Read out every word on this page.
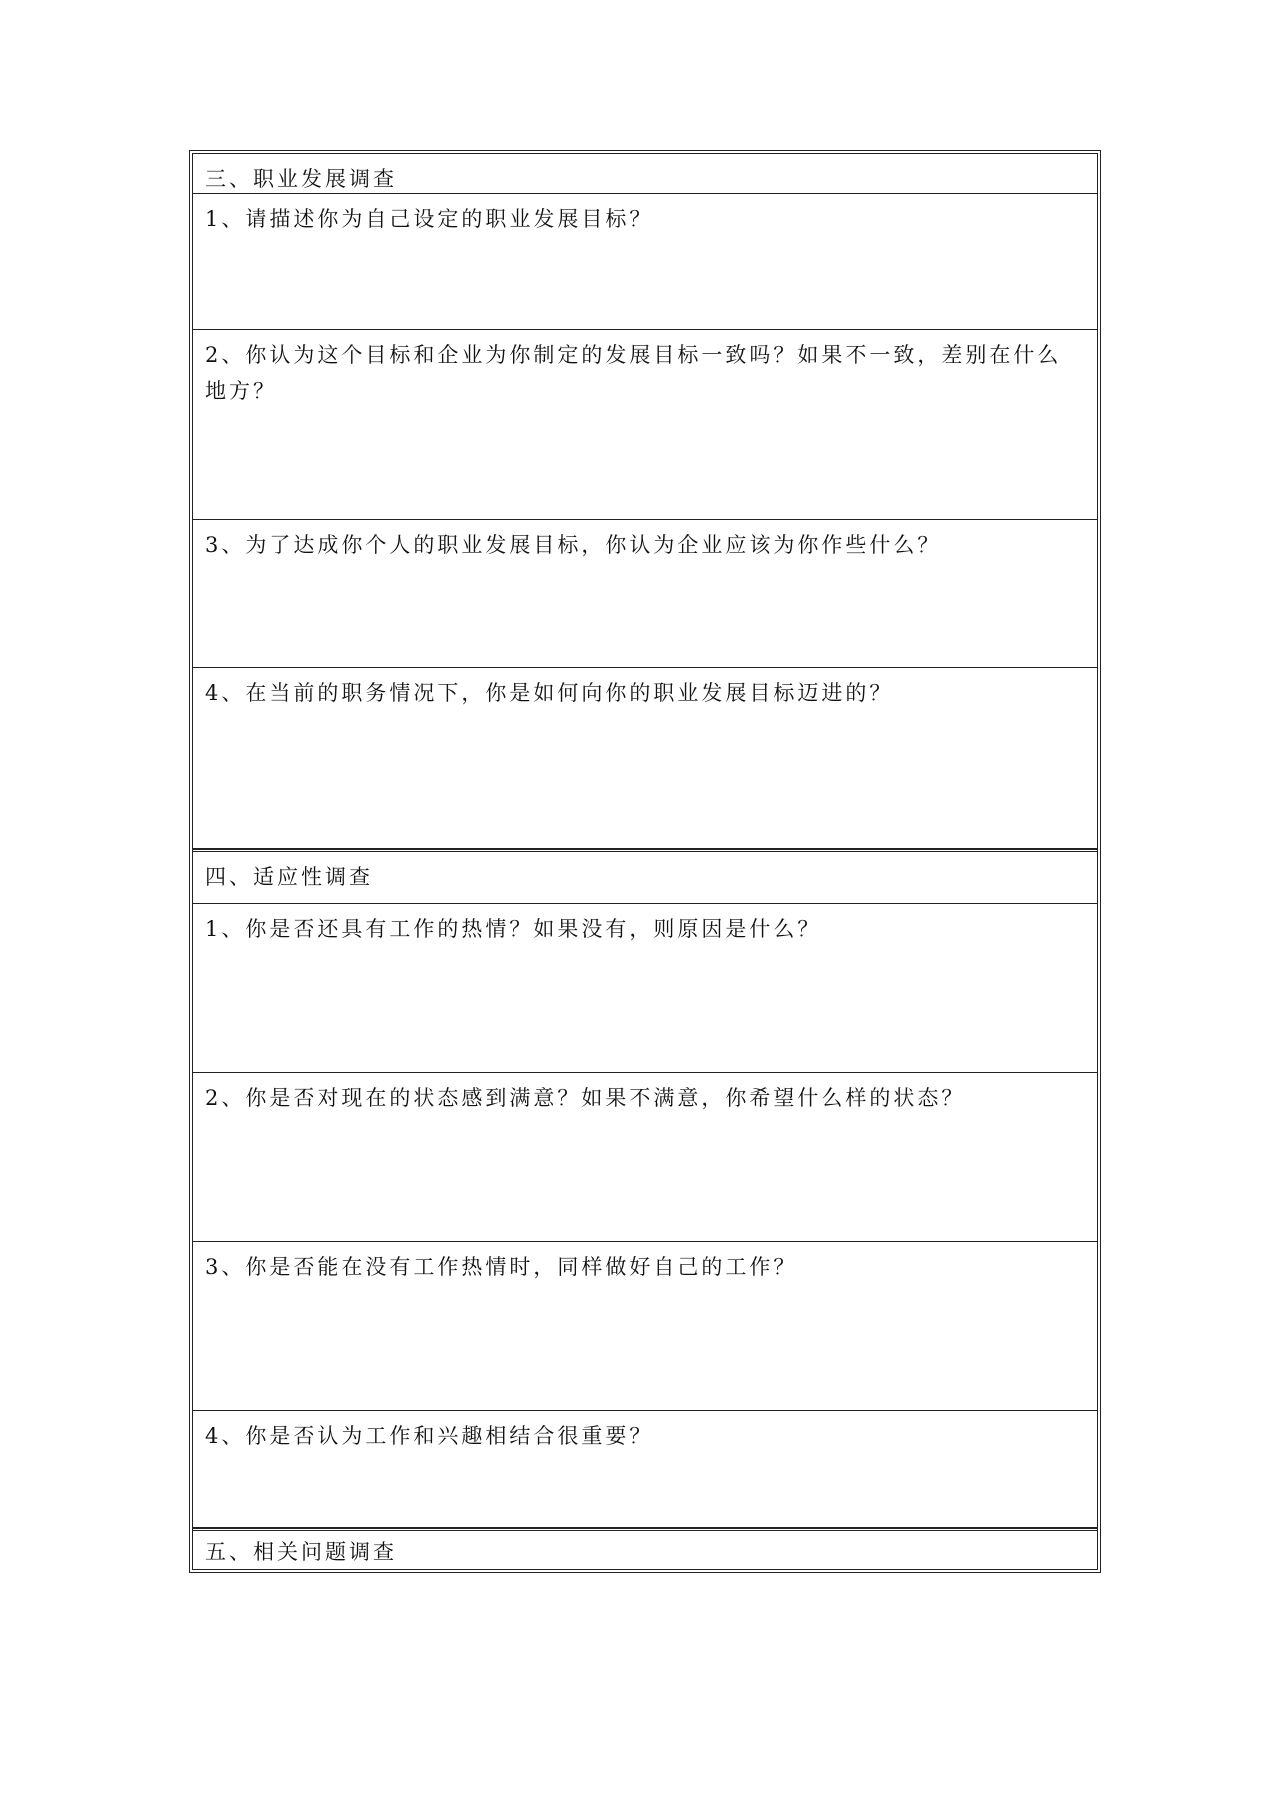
三、职业发展调查
1、请描述你为自己设定的职业发展目标？
2、你认为这个目标和企业为你制定的发展目标一致吗？如果不一致，差别在什么地方？
3、为了达成你个人的职业发展目标，你认为企业应该为你作些什么？
4、在当前的职务情况下，你是如何向你的职业发展目标迈进的？
四、适应性调查
1、你是否还具有工作的热情？如果没有，则原因是什么？
2、你是否对现在的状态感到满意？如果不满意，你希望什么样的状态？
3、你是否能在没有工作热情时，同样做好自己的工作？
4、你是否认为工作和兴趣相结合很重要？
五、相关问题调查
